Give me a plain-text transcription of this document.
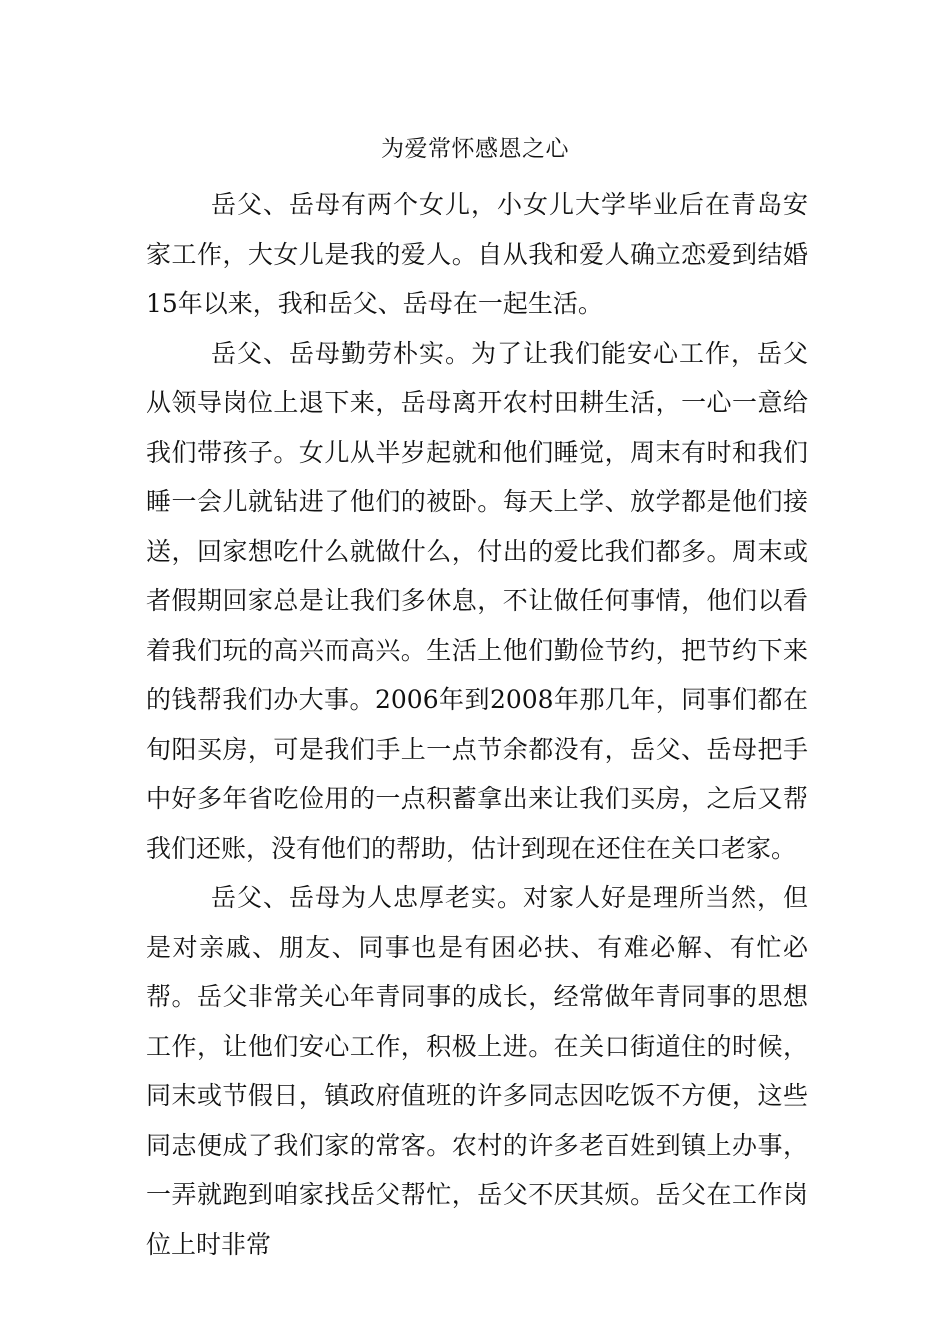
为爱常怀感恩之心

岳父、岳母有两个女儿，小女儿大学毕业后在青岛安家工作，大女儿是我的爱人。自从我和爱人确立恋爱到结婚15年以来，我和岳父、岳母在一起生活。

岳父、岳母勤劳朴实。为了让我们能安心工作，岳父从领导岗位上退下来，岳母离开农村田耕生活，一心一意给我们带孩子。女儿从半岁起就和他们睡觉，周末有时和我们睡一会儿就钻进了他们的被卧。每天上学、放学都是他们接送，回家想吃什么就做什么，付出的爱比我们都多。周末或者假期回家总是让我们多休息，不让做任何事情，他们以看着我们玩的高兴而高兴。生活上他们勤俭节约，把节约下来的钱帮我们办大事。2006年到2008年那几年，同事们都在旬阳买房，可是我们手上一点节余都没有，岳父、岳母把手中好多年省吃俭用的一点积蓄拿出来让我们买房，之后又帮我们还账，没有他们的帮助，估计到现在还住在关口老家。

岳父、岳母为人忠厚老实。对家人好是理所当然，但是对亲戚、朋友、同事也是有困必扶、有难必解、有忙必帮。岳父非常关心年青同事的成长，经常做年青同事的思想工作，让他们安心工作，积极上进。在关口街道住的时候，同末或节假日，镇政府值班的许多同志因吃饭不方便，这些同志便成了我们家的常客。农村的许多老百姓到镇上办事，一弄就跑到咱家找岳父帮忙，岳父不厌其烦。岳父在工作岗位上时非常
